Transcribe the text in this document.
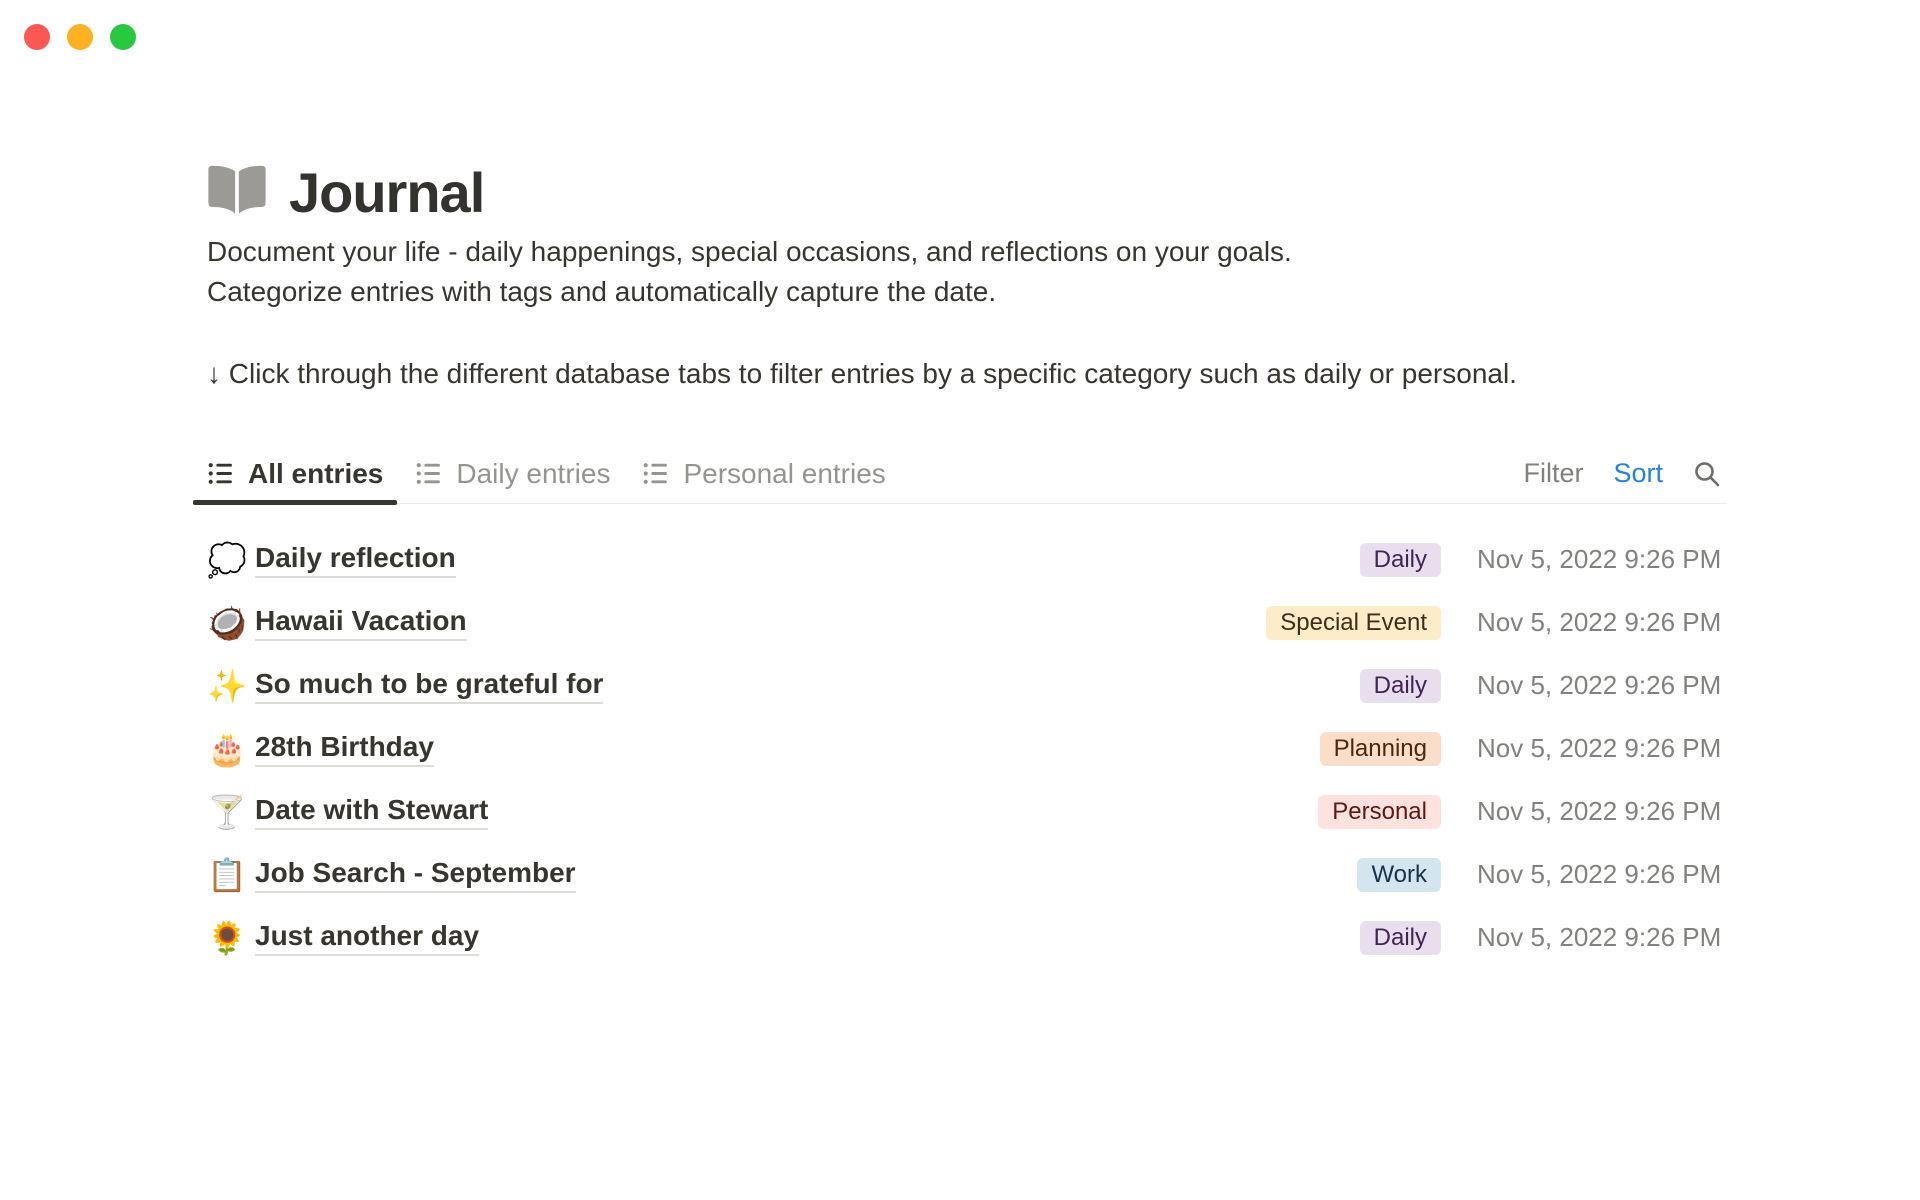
Journal
Document your life - daily happenings, special occasions, and reflections on your goals.
Categorize entries with tags and automatically capture the date.
↓ Click through the different database tabs to filter entries by a specific category such as daily or personal.
All entries	Daily entries	Personal entries	Filter Sort
💭 Daily reflection	Daily	Nov 5, 2022 9:26 PM
🥥 Hawaii Vacation	Special Event	Nov 5, 2022 9:26 PM
✨ So much to be grateful for	Daily	Nov 5, 2022 9:26 PM
🎂 28th Birthday	Planning	Nov 5, 2022 9:26 PM
🍸 Date with Stewart	Personal	Nov 5, 2022 9:26 PM
📋 Job Search - September	Work	Nov 5, 2022 9:26 PM
🌻 Just another day	Daily	Nov 5, 2022 9:26 PM
